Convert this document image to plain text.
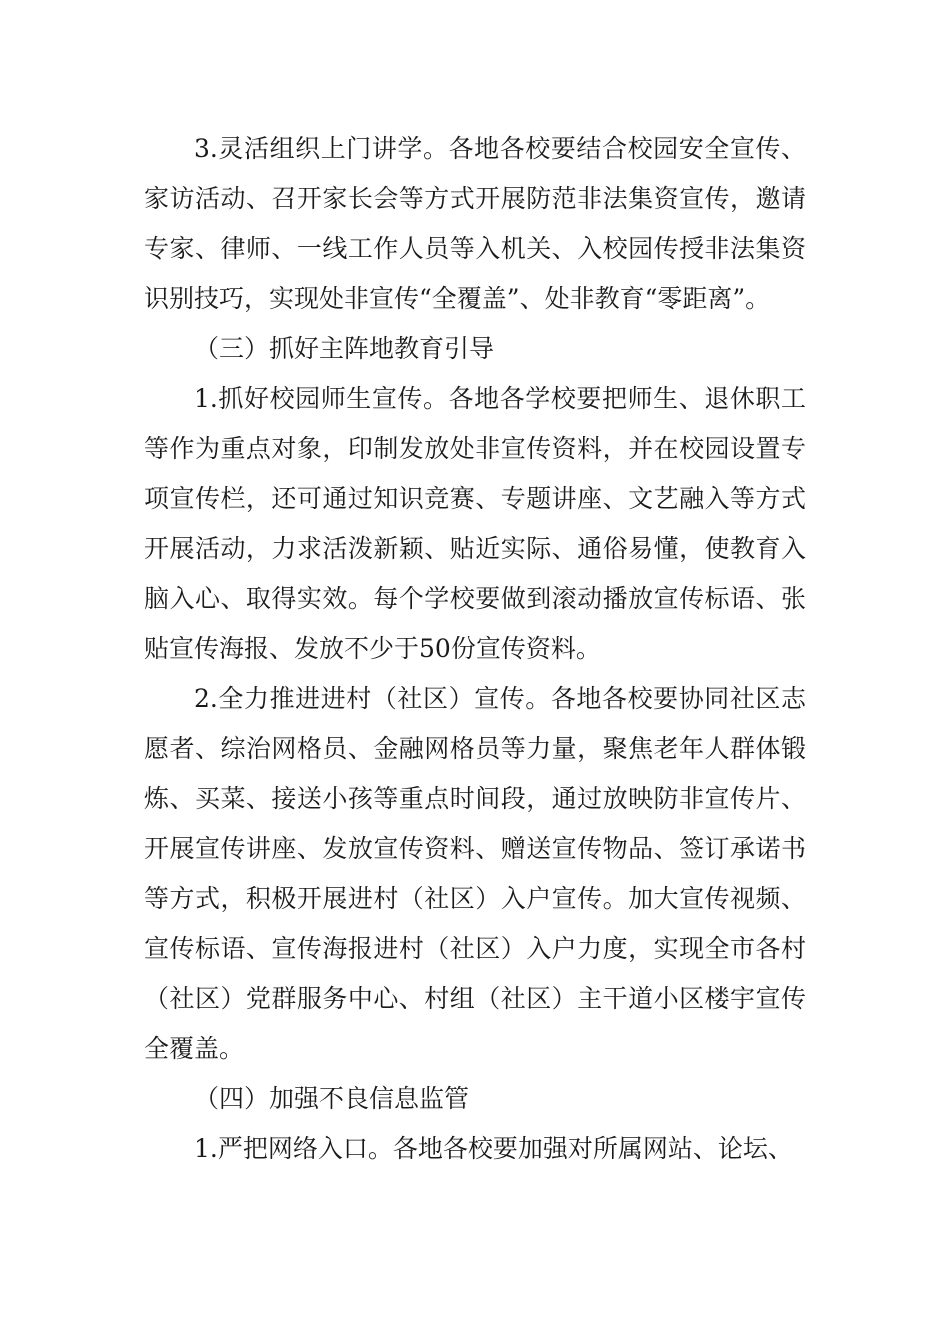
3.灵活组织上门讲学。各地各校要结合校园安全宣传、家访活动、召开家长会等方式开展防范非法集资宣传，邀请专家、律师、一线工作人员等入机关、入校园传授非法集资识别技巧，实现处非宣传“全覆盖”、处非教育“零距离”。

（三）抓好主阵地教育引导

1.抓好校园师生宣传。各地各学校要把师生、退休职工等作为重点对象，印制发放处非宣传资料，并在校园设置专项宣传栏，还可通过知识竞赛、专题讲座、文艺融入等方式开展活动，力求活泼新颖、贴近实际、通俗易懂，使教育入脑入心、取得实效。每个学校要做到滚动播放宣传标语、张贴宣传海报、发放不少于50份宣传资料。

2.全力推进进村（社区）宣传。各地各校要协同社区志愿者、综治网格员、金融网格员等力量，聚焦老年人群体锻炼、买菜、接送小孩等重点时间段，通过放映防非宣传片、开展宣传讲座、发放宣传资料、赠送宣传物品、签订承诺书等方式，积极开展进村（社区）入户宣传。加大宣传视频、宣传标语、宣传海报进村（社区）入户力度，实现全市各村（社区）党群服务中心、村组（社区）主干道小区楼宇宣传全覆盖。

（四）加强不良信息监管

1.严把网络入口。各地各校要加强对所属网站、论坛、
